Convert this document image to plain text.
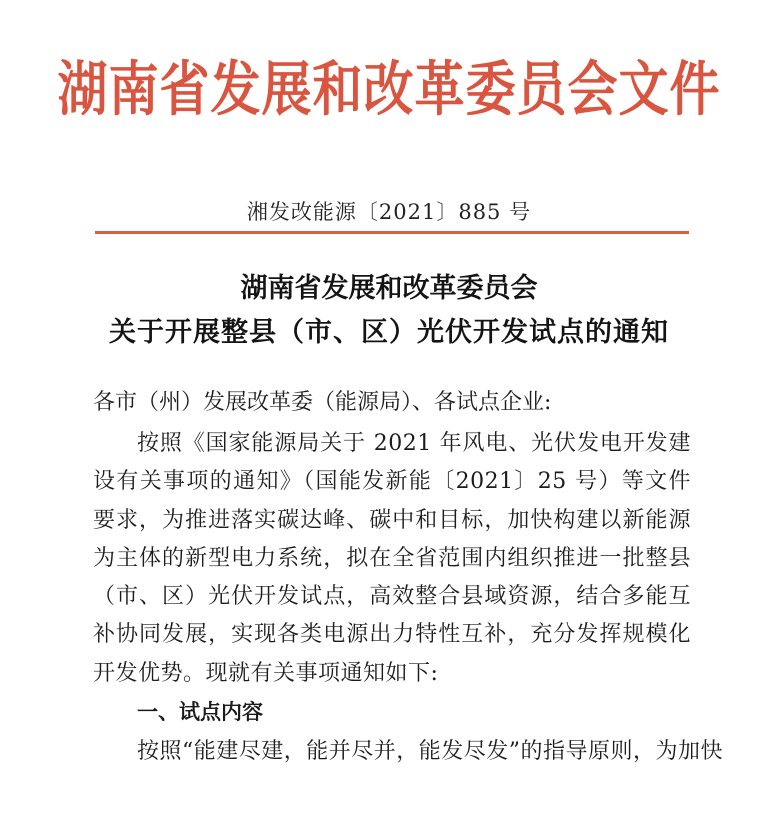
湖南省发展和改革委员会文件
湘发改能源〔2021〕885 号
湖南省发展和改革委员会
关于开展整县（市、区）光伏开发试点的通知
各市（州）发展改革委（能源局）、各试点企业:
按照《国家能源局关于 2021 年风电、光伏发电开发建设有关事项的通知》（国能发新能〔2021〕25 号）等文件要求，为推进落实碳达峰、碳中和目标，加快构建以新能源为主体的新型电力系统，拟在全省范围内组织推进一批整县（市、区）光伏开发试点，高效整合县域资源，结合多能互补协同发展，实现各类电源出力特性互补，充分发挥规模化开发优势。现就有关事项通知如下:
一、试点内容
按照“能建尽建，能并尽并，能发尽发”的指导原则，为加快
